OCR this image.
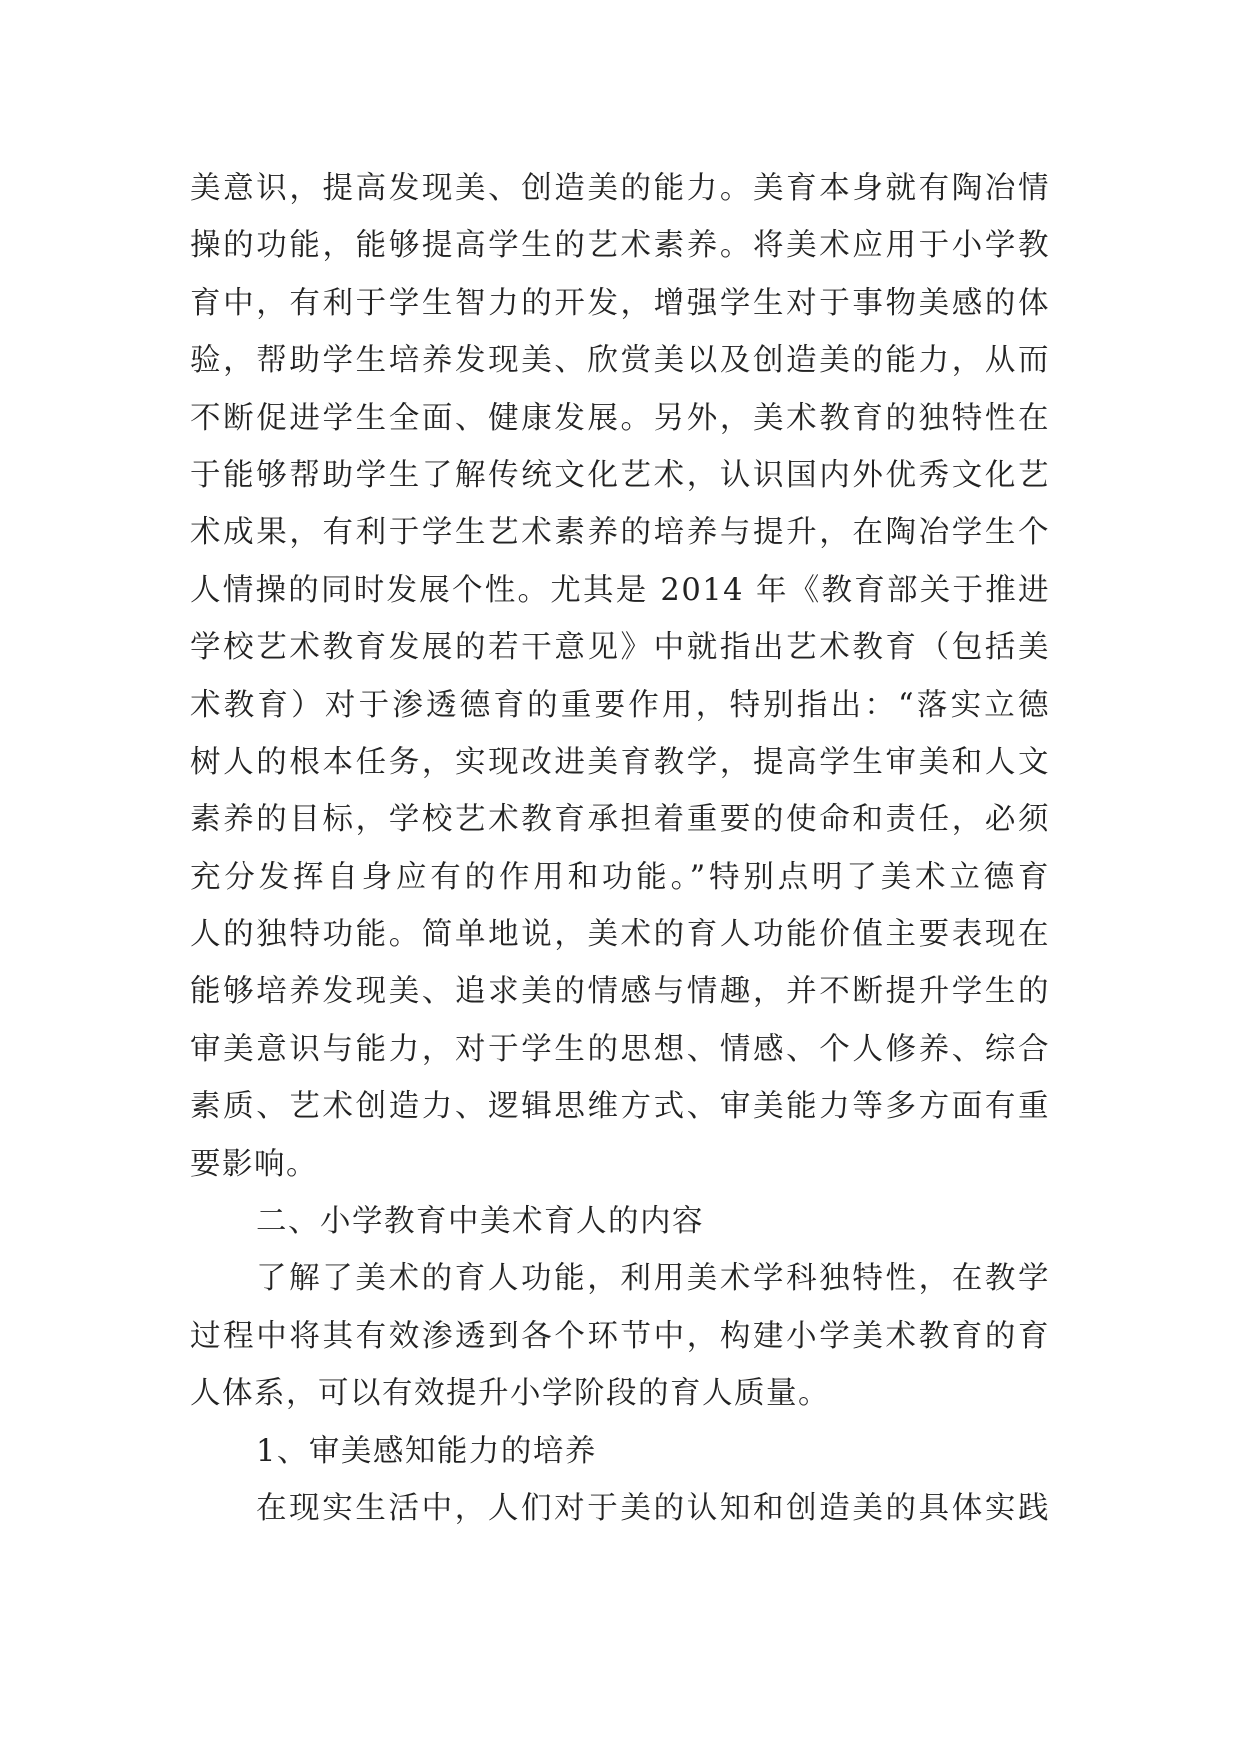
美意识，提高发现美、创造美的能力。美育本身就有陶冶情
操的功能，能够提高学生的艺术素养。将美术应用于小学教
育中，有利于学生智力的开发，增强学生对于事物美感的体
验，帮助学生培养发现美、欣赏美以及创造美的能力，从而
不断促进学生全面、健康发展。另外，美术教育的独特性在
于能够帮助学生了解传统文化艺术，认识国内外优秀文化艺
术成果，有利于学生艺术素养的培养与提升，在陶冶学生个
人情操的同时发展个性。尤其是 2014 年《教育部关于推进
学校艺术教育发展的若干意见》中就指出艺术教育（包括美
术教育）对于渗透德育的重要作用，特别指出：“落实立德
树人的根本任务，实现改进美育教学，提高学生审美和人文
素养的目标，学校艺术教育承担着重要的使命和责任，必须
充分发挥自身应有的作用和功能。”特别点明了美术立德育
人的独特功能。简单地说，美术的育人功能价值主要表现在
能够培养发现美、追求美的情感与情趣，并不断提升学生的
审美意识与能力，对于学生的思想、情感、个人修养、综合
素质、艺术创造力、逻辑思维方式、审美能力等多方面有重
要影响。
二、小学教育中美术育人的内容
了解了美术的育人功能，利用美术学科独特性，在教学
过程中将其有效渗透到各个环节中，构建小学美术教育的育
人体系，可以有效提升小学阶段的育人质量。
1、审美感知能力的培养
在现实生活中，人们对于美的认知和创造美的具体实践
